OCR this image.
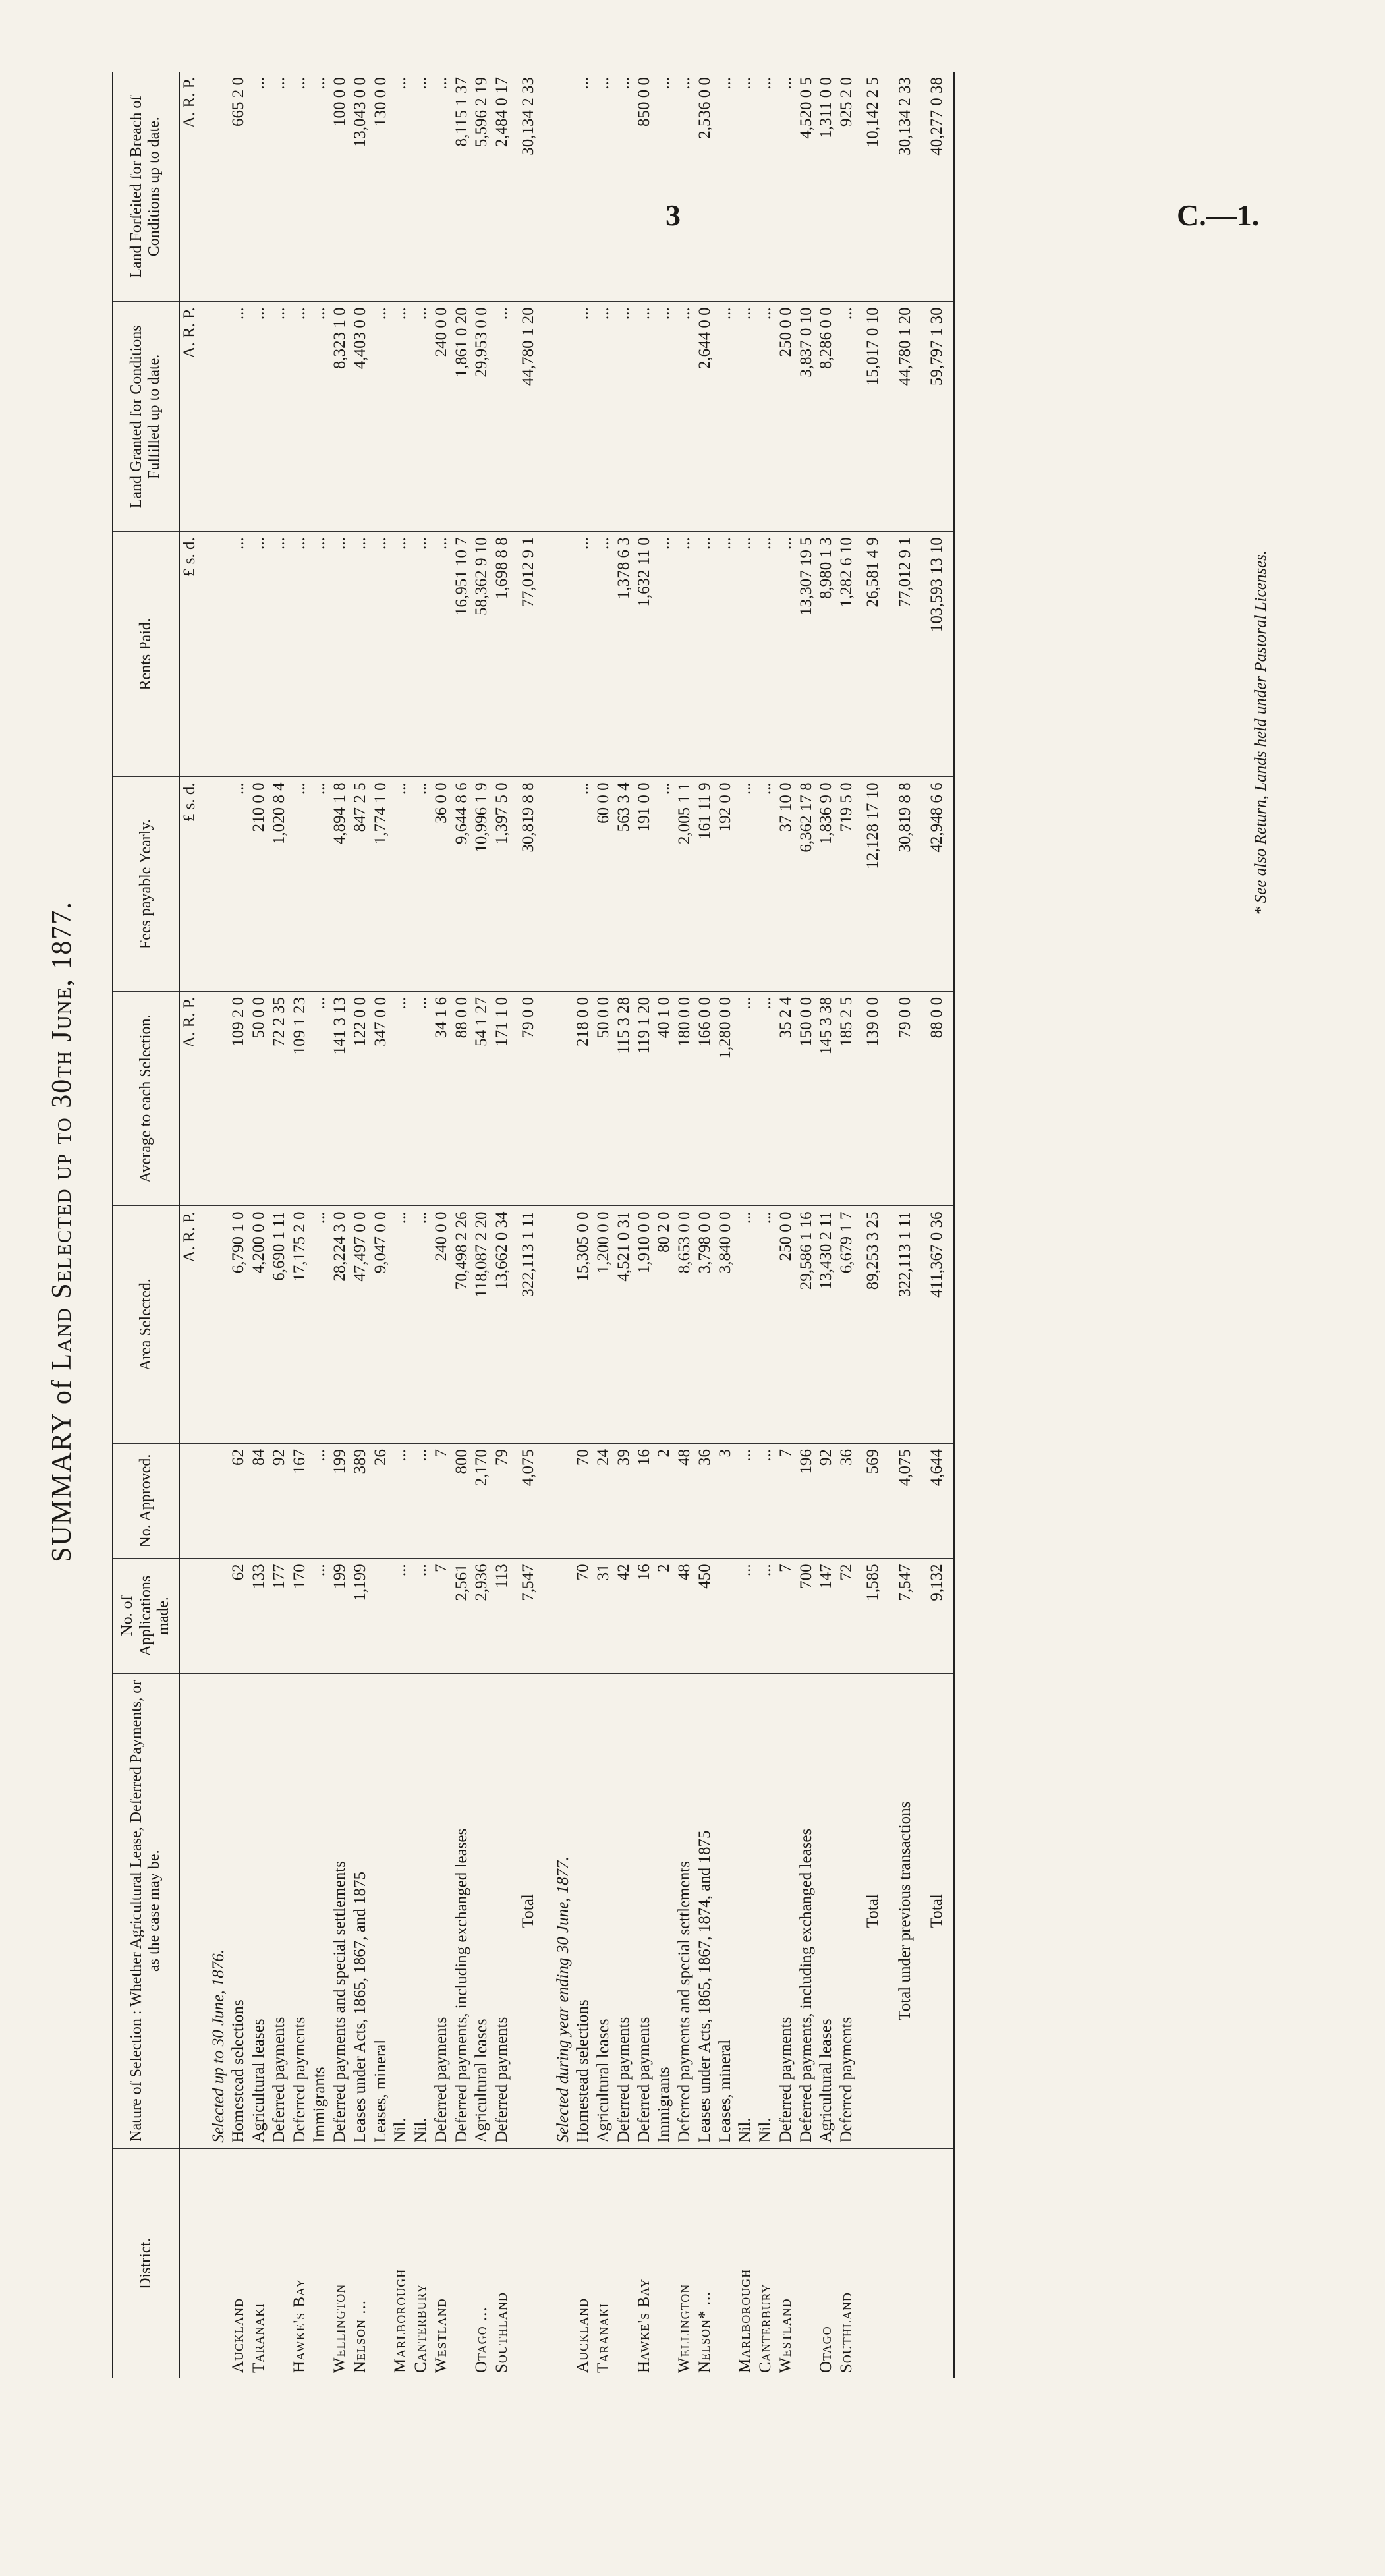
3	C.—1.
SUMMARY of Land Selected up to 30th June, 1877.
District.	Nature of Selection : Whether Agricultural Lease, Deferred Payments, or as the case may be.	No. of Applications made.	No. Approved.	Area Selected.	Average to each Selection.	Fees payable Yearly.	Rents Paid.	Land Granted for Conditions Fulfilled up to date.	Land Forfeited for Breach of Conditions up to date.
				A. R. P.	A. R. P.	£ s. d.	£ s. d.	A. R. P.	A. R. P.
	Selected up to 30 June, 1876.								
Auckland	Homestead selections	62	62	6,790 1 0	109 2 0	...	...	...	665 2 0
Taranaki	Agricultural leases	133	84	4,200 0 0	50 0 0	210 0 0	...	...	...
	Deferred payments	177	92	6,690 1 11	72 2 35	1,020 8 4	...	...	...
Hawke's Bay	Deferred payments	170	167	17,175 2 0	109 1 23	...	...	...	...
	Immigrants	...	...	...	...	...	...	...	...
Wellington	Deferred payments and special settlements	199	199	28,224 3 0	141 3 13	4,894 1 8	...	8,323 1 0	100 0 0
Nelson ...	Leases under Acts, 1865, 1867, and 1875	1,199	389	47,497 0 0	122 0 0	847 2 5	...	4,403 0 0	13,043 0 0
	Leases, mineral		26	9,047 0 0	347 0 0	1,774 1 0	...	...	130 0 0
Marlborough	Nil.	...	...	...	...	...	...	...	...
Canterbury	Nil.	...	...	...	...	...	...	...	...
Westland	Deferred payments	7	7	240 0 0	34 1 6	36 0 0	...	240 0 0	...
	Deferred payments, including exchanged leases	2,561	800	70,498 2 26	88 0 0	9,644 8 6	16,951 10 7	1,861 0 20	8,115 1 37
Otago ...	Agricultural leases	2,936	2,170	118,087 2 20	54 1 27	10,996 1 9	58,362 9 10	29,953 0 0	5,596 2 19
Southland	Deferred payments	113	79	13,662 0 34	171 1 0	1,397 5 0	1,698 8 8	...	2,484 0 17
	Total	7,547	4,075	322,113 1 11	79 0 0	30,819 8 8	77,012 9 1	44,780 1 20	30,134 2 33
	Selected during year ending 30 June, 1877.								
Auckland	Homestead selections	70	70	15,305 0 0	218 0 0	...	...	...	...
Taranaki	Agricultural leases	31	24	1,200 0 0	50 0 0	60 0 0	...	...	...
	Deferred payments	42	39	4,521 0 31	115 3 28	563 3 4	1,378 6 3	...	...
Hawke's Bay	Deferred payments	16	16	1,910 0 0	119 1 20	191 0 0	1,632 11 0	...	850 0 0
	Immigrants	2	2	80 2 0	40 1 0	...	...	...	...
Wellington	Deferred payments and special settlements	48	48	8,653 0 0	180 0 0	2,005 1 1	...	...	...
Nelson* ...	Leases under Acts, 1865, 1867, 1874, and 1875	450	36	3,798 0 0	166 0 0	161 11 9	...	2,644 0 0	2,536 0 0
	Leases, mineral		3	3,840 0 0	1,280 0 0	192 0 0	...	...	...
Marlborough	Nil.	...	...	...	...	...	...	...	...
Canterbury	Nil.	...	...	...	...	...	...	...	...
Westland	Deferred payments	7	7	250 0 0	35 2 4	37 10 0	...	250 0 0	...
	Deferred payments, including exchanged leases	700	196	29,586 1 16	150 0 0	6,362 17 8	13,307 19 5	3,837 0 10	4,520 0 5
Otago	Agricultural leases	147	92	13,430 2 11	145 3 38	1,836 9 0	8,980 1 3	8,286 0 0	1,311 0 0
Southland	Deferred payments	72	36	6,679 1 7	185 2 5	719 5 0	1,282 6 10	...	925 2 0
	Total	1,585	569	89,253 3 25	139 0 0	12,128 17 10	26,581 4 9	15,017 0 10	10,142 2 5
	Total under previous transactions	7,547	4,075	322,113 1 11	79 0 0	30,819 8 8	77,012 9 1	44,780 1 20	30,134 2 33
	Total	9,132	4,644	411,367 0 36	88 0 0	42,948 6 6	103,593 13 10	59,797 1 30	40,277 0 38
* See also Return, Lands held under Pastoral Licenses.
